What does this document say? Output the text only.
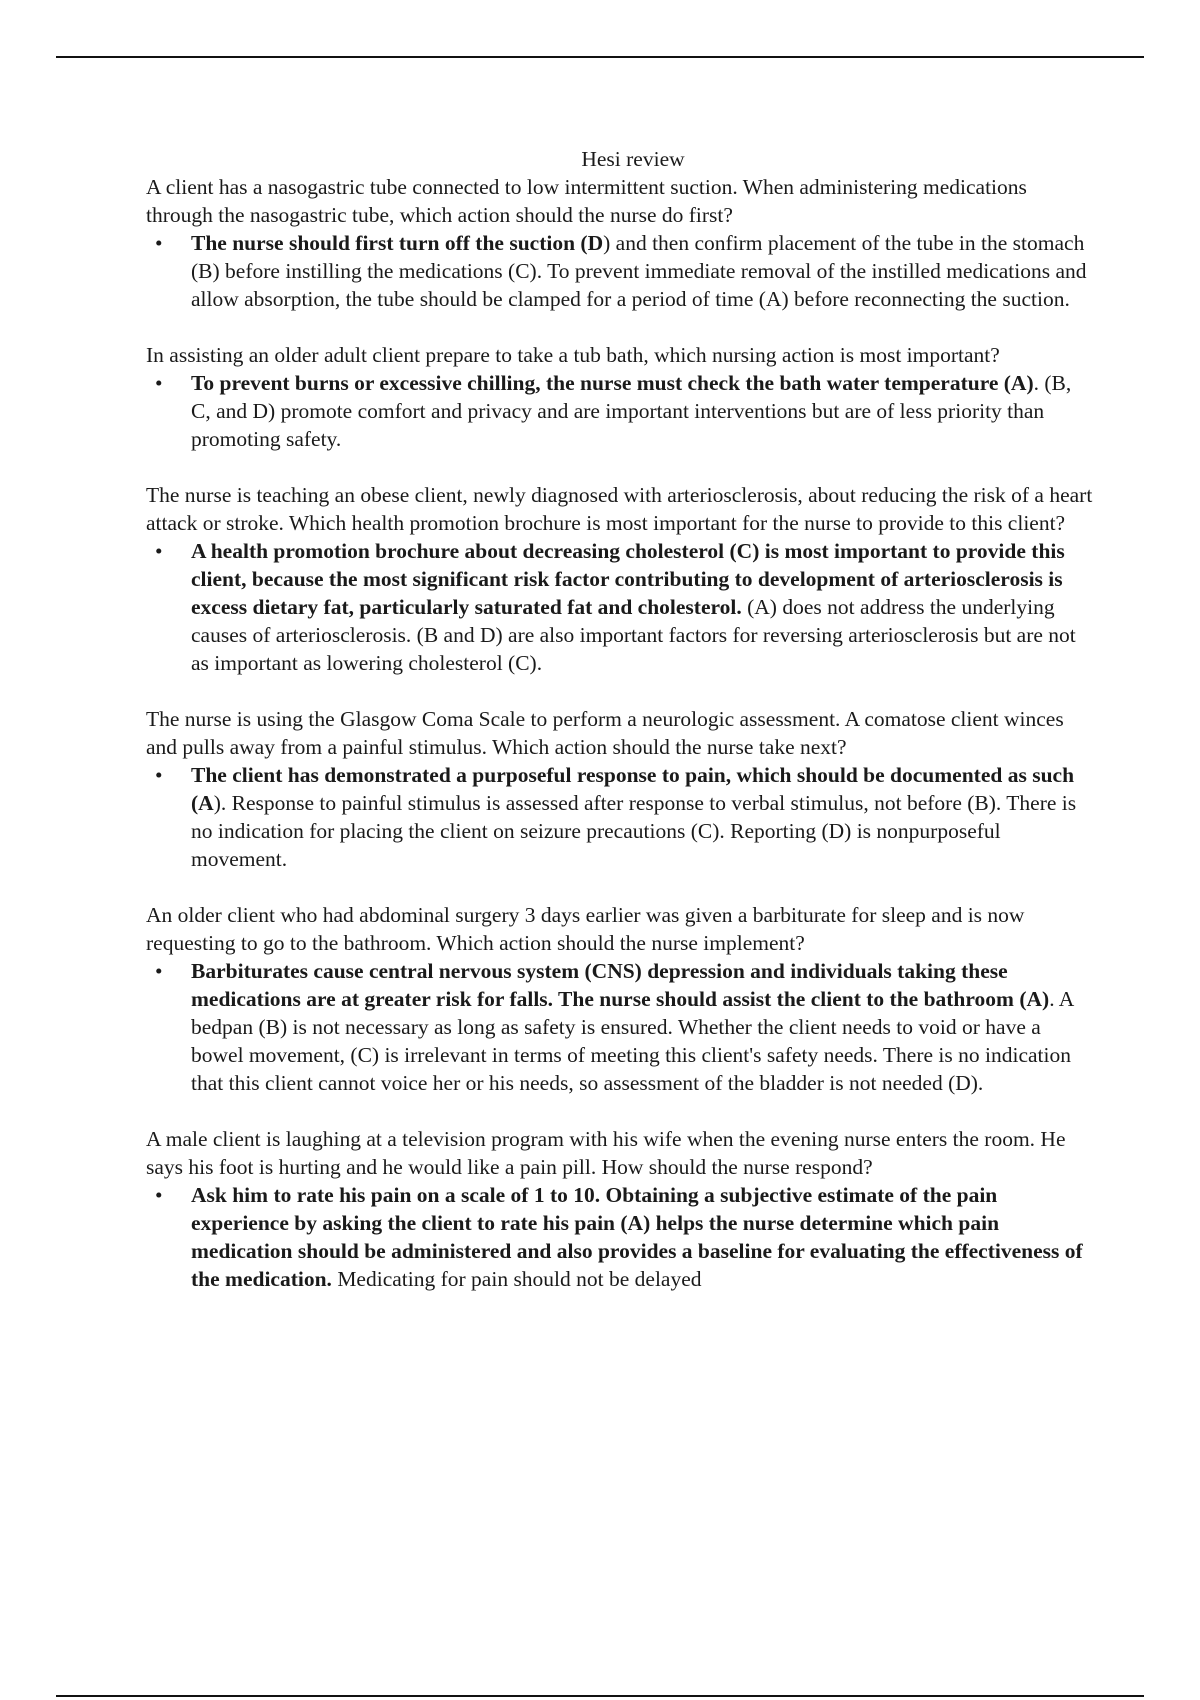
Hesi review

A client has a nasogastric tube connected to low intermittent suction. When administering medications through the nasogastric tube, which action should the nurse do first?

• The nurse should first turn off the suction (D) and then confirm placement of the tube in the stomach (B) before instilling the medications (C). To prevent immediate removal of the instilled medications and allow absorption, the tube should be clamped for a period of time (A) before reconnecting the suction.

In assisting an older adult client prepare to take a tub bath, which nursing action is most important?

• To prevent burns or excessive chilling, the nurse must check the bath water temperature (A). (B, C, and D) promote comfort and privacy and are important interventions but are of less priority than promoting safety.

The nurse is teaching an obese client, newly diagnosed with arteriosclerosis, about reducing the risk of a heart attack or stroke. Which health promotion brochure is most important for the nurse to provide to this client?

• A health promotion brochure about decreasing cholesterol (C) is most important to provide this client, because the most significant risk factor contributing to development of arteriosclerosis is excess dietary fat, particularly saturated fat and cholesterol. (A) does not address the underlying causes of arteriosclerosis. (B and D) are also important factors for reversing arteriosclerosis but are not as important as lowering cholesterol (C).

The nurse is using the Glasgow Coma Scale to perform a neurologic assessment. A comatose client winces and pulls away from a painful stimulus. Which action should the nurse take next?

• The client has demonstrated a purposeful response to pain, which should be documented as such (A). Response to painful stimulus is assessed after response to verbal stimulus, not before (B). There is no indication for placing the client on seizure precautions (C). Reporting (D) is nonpurposeful movement.

An older client who had abdominal surgery 3 days earlier was given a barbiturate for sleep and is now requesting to go to the bathroom. Which action should the nurse implement?

• Barbiturates cause central nervous system (CNS) depression and individuals taking these medications are at greater risk for falls. The nurse should assist the client to the bathroom (A). A bedpan (B) is not necessary as long as safety is ensured. Whether the client needs to void or have a bowel movement, (C) is irrelevant in terms of meeting this client's safety needs. There is no indication that this client cannot voice her or his needs, so assessment of the bladder is not needed (D).

A male client is laughing at a television program with his wife when the evening nurse enters the room. He says his foot is hurting and he would like a pain pill. How should the nurse respond?

• Ask him to rate his pain on a scale of 1 to 10. Obtaining a subjective estimate of the pain experience by asking the client to rate his pain (A) helps the nurse determine which pain medication should be administered and also provides a baseline for evaluating the effectiveness of the medication. Medicating for pain should not be delayed
